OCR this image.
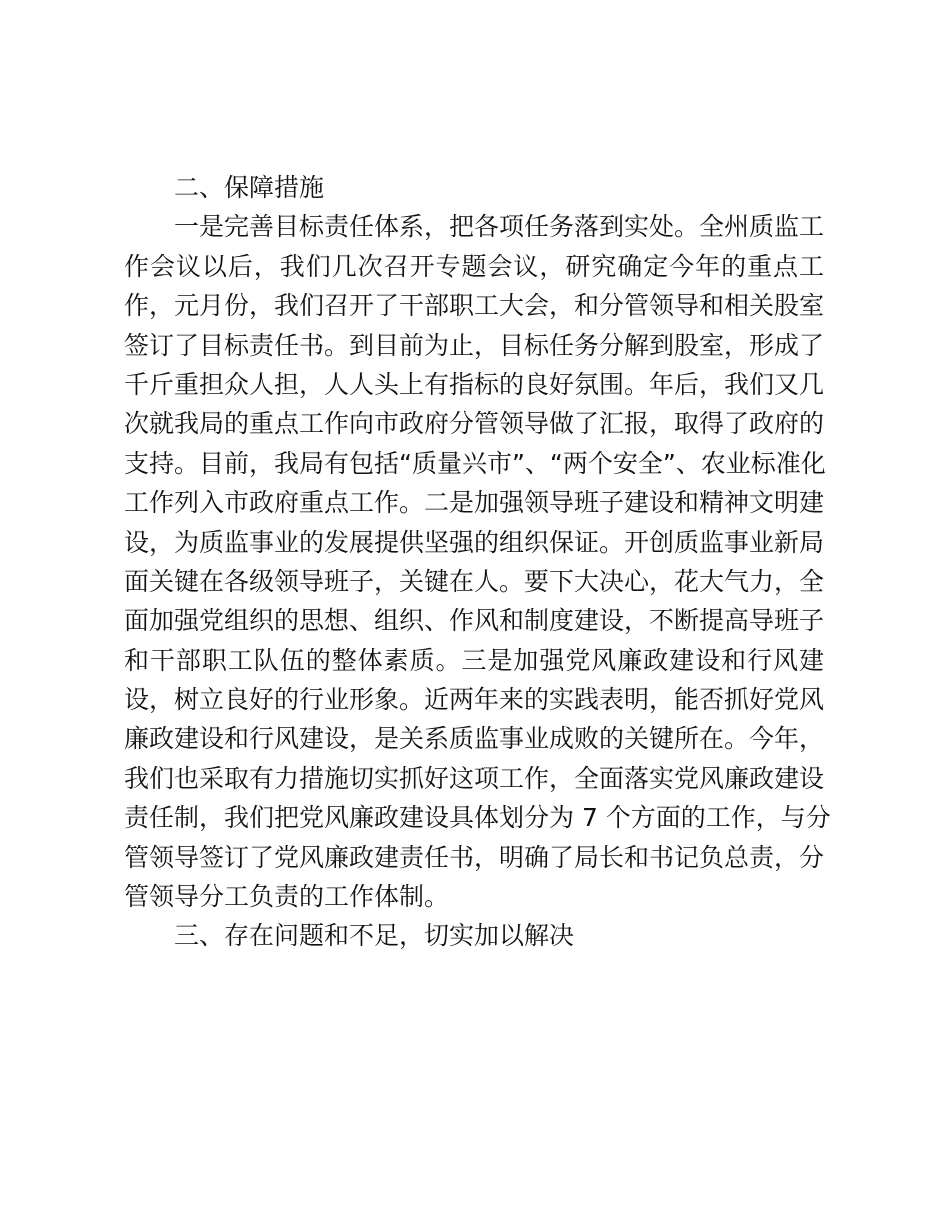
二、保障措施
一是完善目标责任体系，把各项任务落到实处。全州质监工
作会议以后，我们几次召开专题会议，研究确定今年的重点工
作，元月份，我们召开了干部职工大会，和分管领导和相关股室
签订了目标责任书。到目前为止，目标任务分解到股室，形成了
千斤重担众人担，人人头上有指标的良好氛围。年后，我们又几
次就我局的重点工作向市政府分管领导做了汇报，取得了政府的
支持。目前，我局有包括“质量兴市”、“两个安全”、农业标准化
工作列入市政府重点工作。二是加强领导班子建设和精神文明建
设，为质监事业的发展提供坚强的组织保证。开创质监事业新局
面关键在各级领导班子，关键在人。要下大决心，花大气力，全
面加强党组织的思想、组织、作风和制度建设，不断提高导班子
和干部职工队伍的整体素质。三是加强党风廉政建设和行风建
设，树立良好的行业形象。近两年来的实践表明，能否抓好党风
廉政建设和行风建设，是关系质监事业成败的关键所在。今年，
我们也采取有力措施切实抓好这项工作，全面落实党风廉政建设
责任制，我们把党风廉政建设具体划分为 7 个方面的工作，与分
管领导签订了党风廉政建责任书，明确了局长和书记负总责，分
管领导分工负责的工作体制。
三、存在问题和不足，切实加以解决
